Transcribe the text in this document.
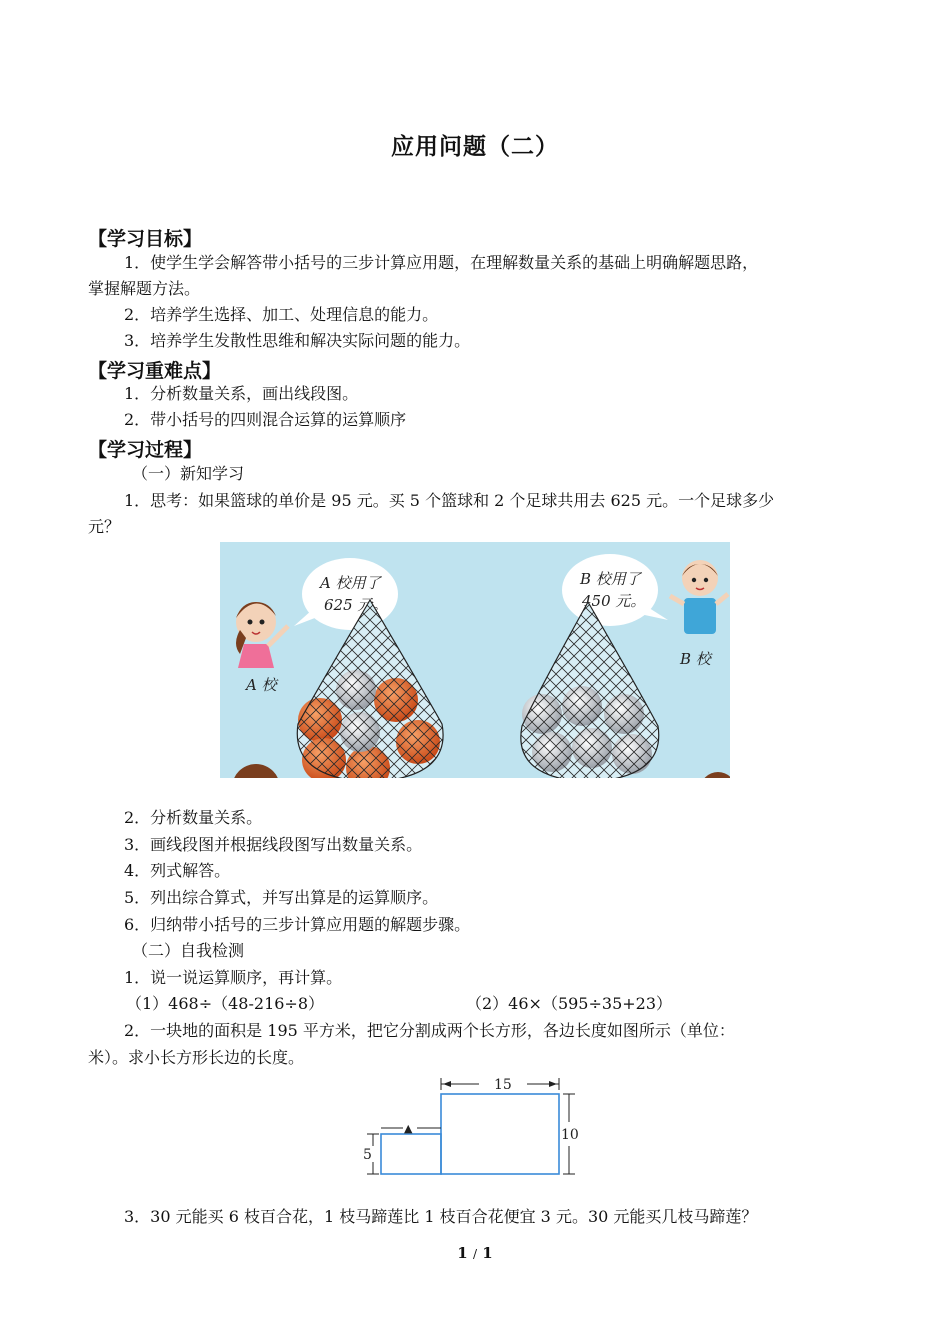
应用问题（二）
【学习目标】
1．使学生学会解答带小括号的三步计算应用题，在理解数量关系的基础上明确解题思路，
掌握解题方法。
2．培养学生选择、加工、处理信息的能力。
3．培养学生发散性思维和解决实际问题的能力。
【学习重难点】
1．分析数量关系，画出线段图。
2．带小括号的四则混合运算的运算顺序
【学习过程】
（一）新知学习
1．思考：如果篮球的单价是 95 元。买 5 个篮球和 2 个足球共用去 625 元。一个足球多少
元？
A 校用了
625 元。
B 校用了
450 元。
A 校
B 校
2．分析数量关系。
3．画线段图并根据线段图写出数量关系。
4．列式解答。
5．列出综合算式，并写出算是的运算顺序。
6．归纳带小括号的三步计算应用题的解题步骤。
（二）自我检测
1．说一说运算顺序，再计算。
（1）468÷（48-216÷8）	（2）46×（595÷35+23）
2．一块地的面积是 195 平方米，把它分割成两个长方形，各边长度如图所示（单位：
米）。求小长方形长边的长度。
15
10
5
▲
3．30 元能买 6 枝百合花，1 枝马蹄莲比 1 枝百合花便宜 3 元。30 元能买几枝马蹄莲？
1 / 1
